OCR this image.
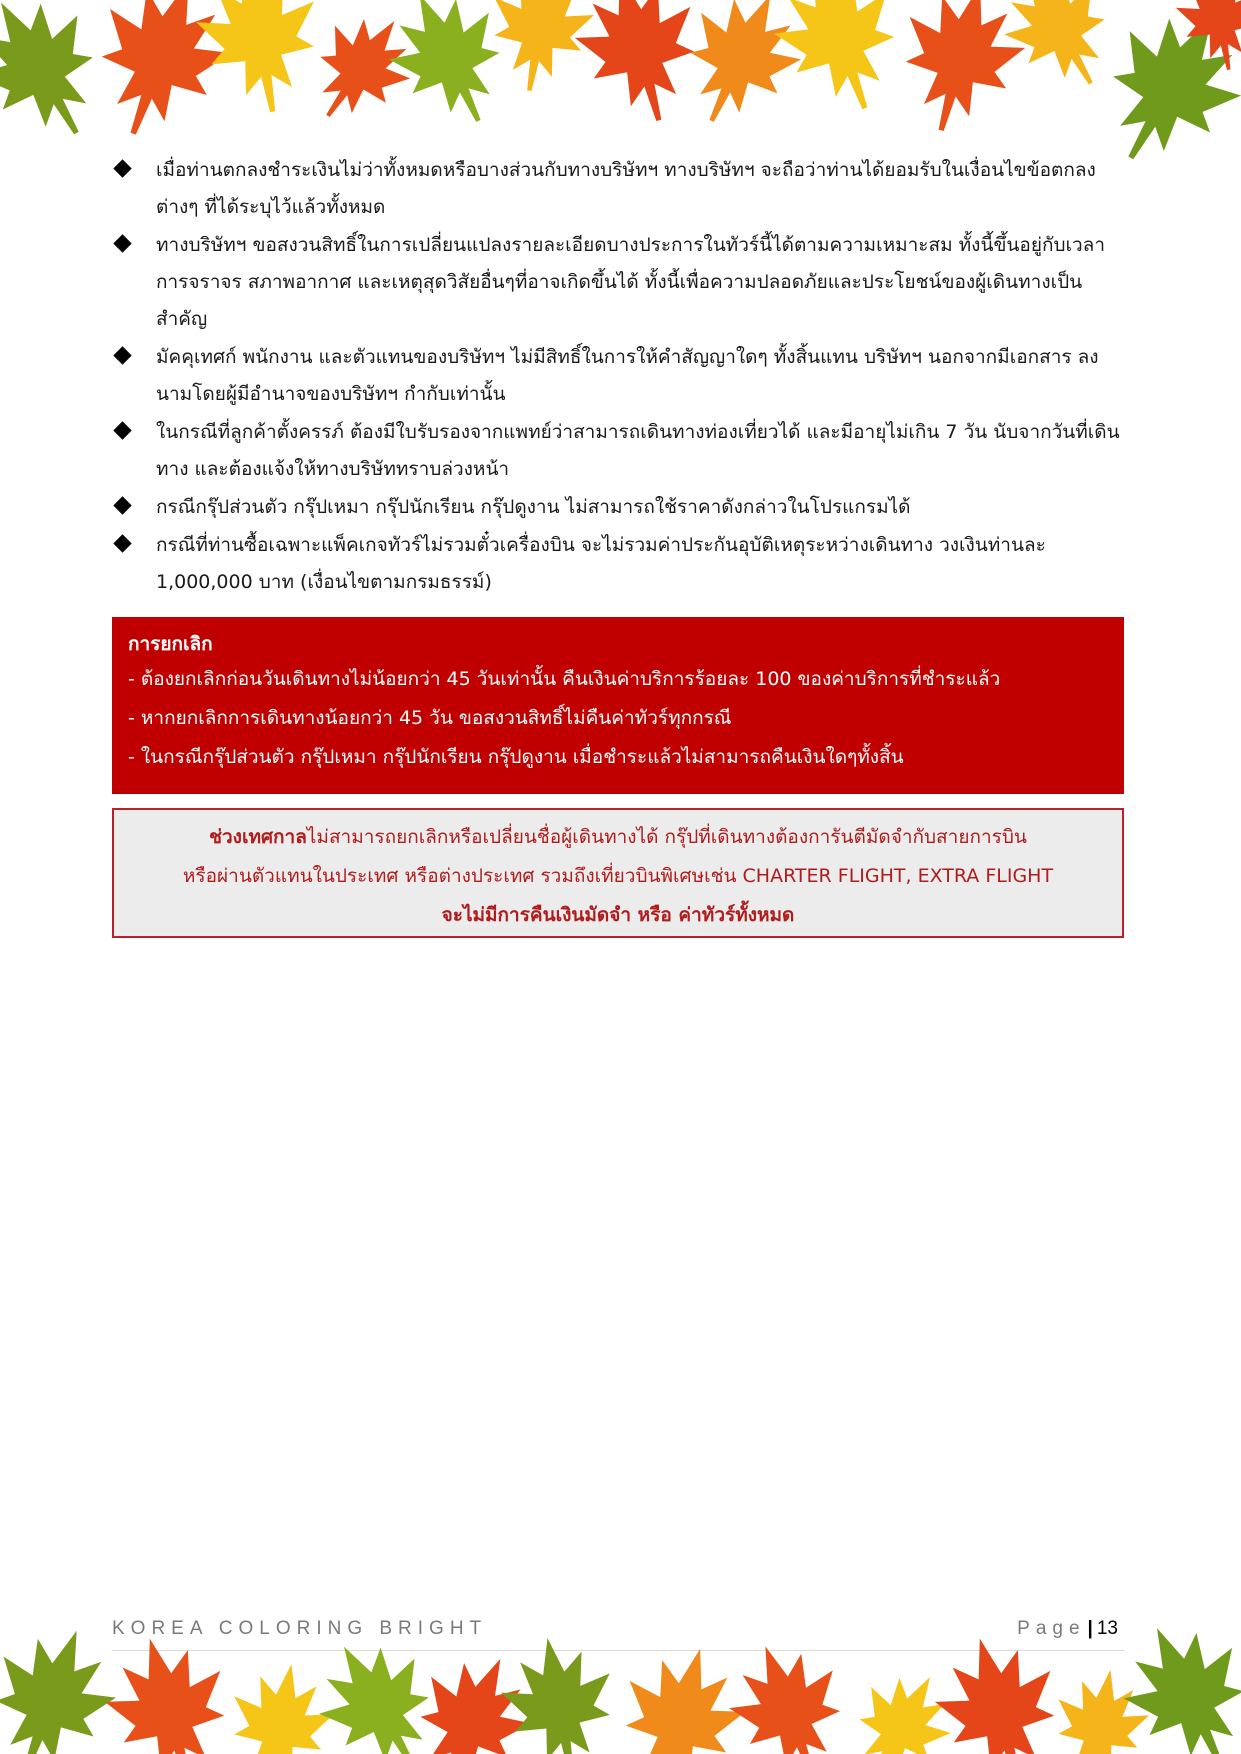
เมื่อท่านตกลงชำระเงินไม่ว่าทั้งหมดหรือบางส่วนกับทางบริษัทฯ ทางบริษัทฯ จะถือว่าท่านได้ยอมรับในเงื่อนไขข้อตกลงต่างๆ ที่ได้ระบุไว้แล้วทั้งหมด
ทางบริษัทฯ ขอสงวนสิทธิ์ในการเปลี่ยนแปลงรายละเอียดบางประการในทัวร์นี้ได้ตามความเหมาะสม ทั้งนี้ขึ้นอยู่กับเวลา การจราจร สภาพอากาศ และเหตุสุดวิสัยอื่นๆที่อาจเกิดขึ้นได้ ทั้งนี้เพื่อความปลอดภัยและประโยชน์ของผู้เดินทางเป็นสำคัญ
มัคคุเทศก์ พนักงาน และตัวแทนของบริษัทฯ ไม่มีสิทธิ์ในการให้คำสัญญาใดๆ ทั้งสิ้นแทน บริษัทฯ นอกจากมีเอกสาร ลงนามโดยผู้มีอำนาจของบริษัทฯ กำกับเท่านั้น
ในกรณีที่ลูกค้าตั้งครรภ์ ต้องมีใบรับรองจากแพทย์ว่าสามารถเดินทางท่องเที่ยวได้ และมีอายุไม่เกิน 7 วัน นับจากวันที่เดินทาง และต้องแจ้งให้ทางบริษัททราบล่วงหน้า
กรณีกรุ๊ปส่วนตัว กรุ๊ปเหมา กรุ๊ปนักเรียน กรุ๊ปดูงาน ไม่สามารถใช้ราคาดังกล่าวในโปรแกรมได้
กรณีที่ท่านซื้อเฉพาะแพ็คเกจทัวร์ไม่รวมตั๋วเครื่องบิน จะไม่รวมค่าประกันอุบัติเหตุระหว่างเดินทาง วงเงินท่านละ 1,000,000 บาท (เงื่อนไขตามกรมธรรม์)
การยกเลิก
- ต้องยกเลิกก่อนวันเดินทางไม่น้อยกว่า 45 วันเท่านั้น คืนเงินค่าบริการร้อยละ 100 ของค่าบริการที่ชำระแล้ว
- หากยกเลิกการเดินทางน้อยกว่า 45 วัน ขอสงวนสิทธิ์ไม่คืนค่าทัวร์ทุกกรณี
- ในกรณีกรุ๊ปส่วนตัว กรุ๊ปเหมา กรุ๊ปนักเรียน กรุ๊ปดูงาน เมื่อชำระแล้วไม่สามารถคืนเงินใดๆทั้งสิ้น
ช่วงเทศกาลไม่สามารถยกเลิกหรือเปลี่ยนชื่อผู้เดินทางได้ กรุ๊ปที่เดินทางต้องการันตีมัดจำกับสายการบิน
หรือผ่านตัวแทนในประเทศ หรือต่างประเทศ รวมถึงเที่ยวบินพิเศษเช่น CHARTER FLIGHT, EXTRA FLIGHT
จะไม่มีการคืนเงินมัดจำ หรือ ค่าทัวร์ทั้งหมด
KOREA COLORING BRIGHT	Page | 13
